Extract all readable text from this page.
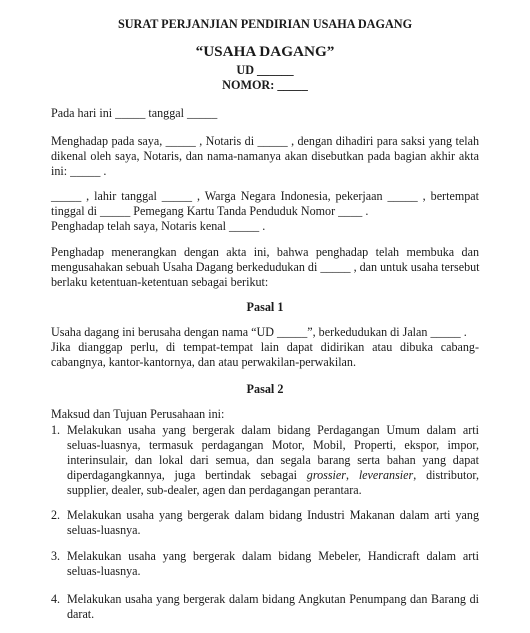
SURAT PERJANJIAN PENDIRIAN USAHA DAGANG
“USAHA DAGANG”
UD ______
NOMOR: _____
Pada hari ini _____ tanggal _____
Menghadap pada saya, _____ , Notaris di _____ , dengan dihadiri para saksi yang telah
dikenal oleh saya, Notaris, dan nama-namanya akan disebutkan pada bagian akhir akta
ini: _____ .
_____ , lahir tanggal _____ , Warga Negara Indonesia, pekerjaan _____ , bertempat
tinggal di _____ Pemegang Kartu Tanda Penduduk Nomor ____ .
Penghadap telah saya, Notaris kenal _____ .
Penghadap menerangkan dengan akta ini, bahwa penghadap telah membuka dan
mengusahakan sebuah Usaha Dagang berkedudukan di _____ , dan untuk usaha tersebut
berlaku ketentuan-ketentuan sebagai berikut:
Pasal 1
Usaha dagang ini berusaha dengan nama “UD _____”, berkedudukan di Jalan _____ .
Jika dianggap perlu, di tempat-tempat lain dapat didirikan atau dibuka cabang-
cabangnya, kantor-kantornya, dan atau perwakilan-perwakilan.
Pasal 2
Maksud dan Tujuan Perusahaan ini:
1. Melakukan usaha yang bergerak dalam bidang Perdagangan Umum dalam arti
seluas-luasnya, termasuk perdagangan Motor, Mobil, Properti, ekspor, impor,
interinsulair, dan lokal dari semua, dan segala barang serta bahan yang dapat
diperdagangkannya, juga bertindak sebagai grossier, leveransier, distributor,
supplier, dealer, sub-dealer, agen dan perdagangan perantara.
2. Melakukan usaha yang bergerak dalam bidang Industri Makanan dalam arti yang
seluas-luasnya.
3. Melakukan usaha yang bergerak dalam bidang Mebeler, Handicraft dalam arti
seluas-luasnya.
4. Melakukan usaha yang bergerak dalam bidang Angkutan Penumpang dan Barang di
darat.
